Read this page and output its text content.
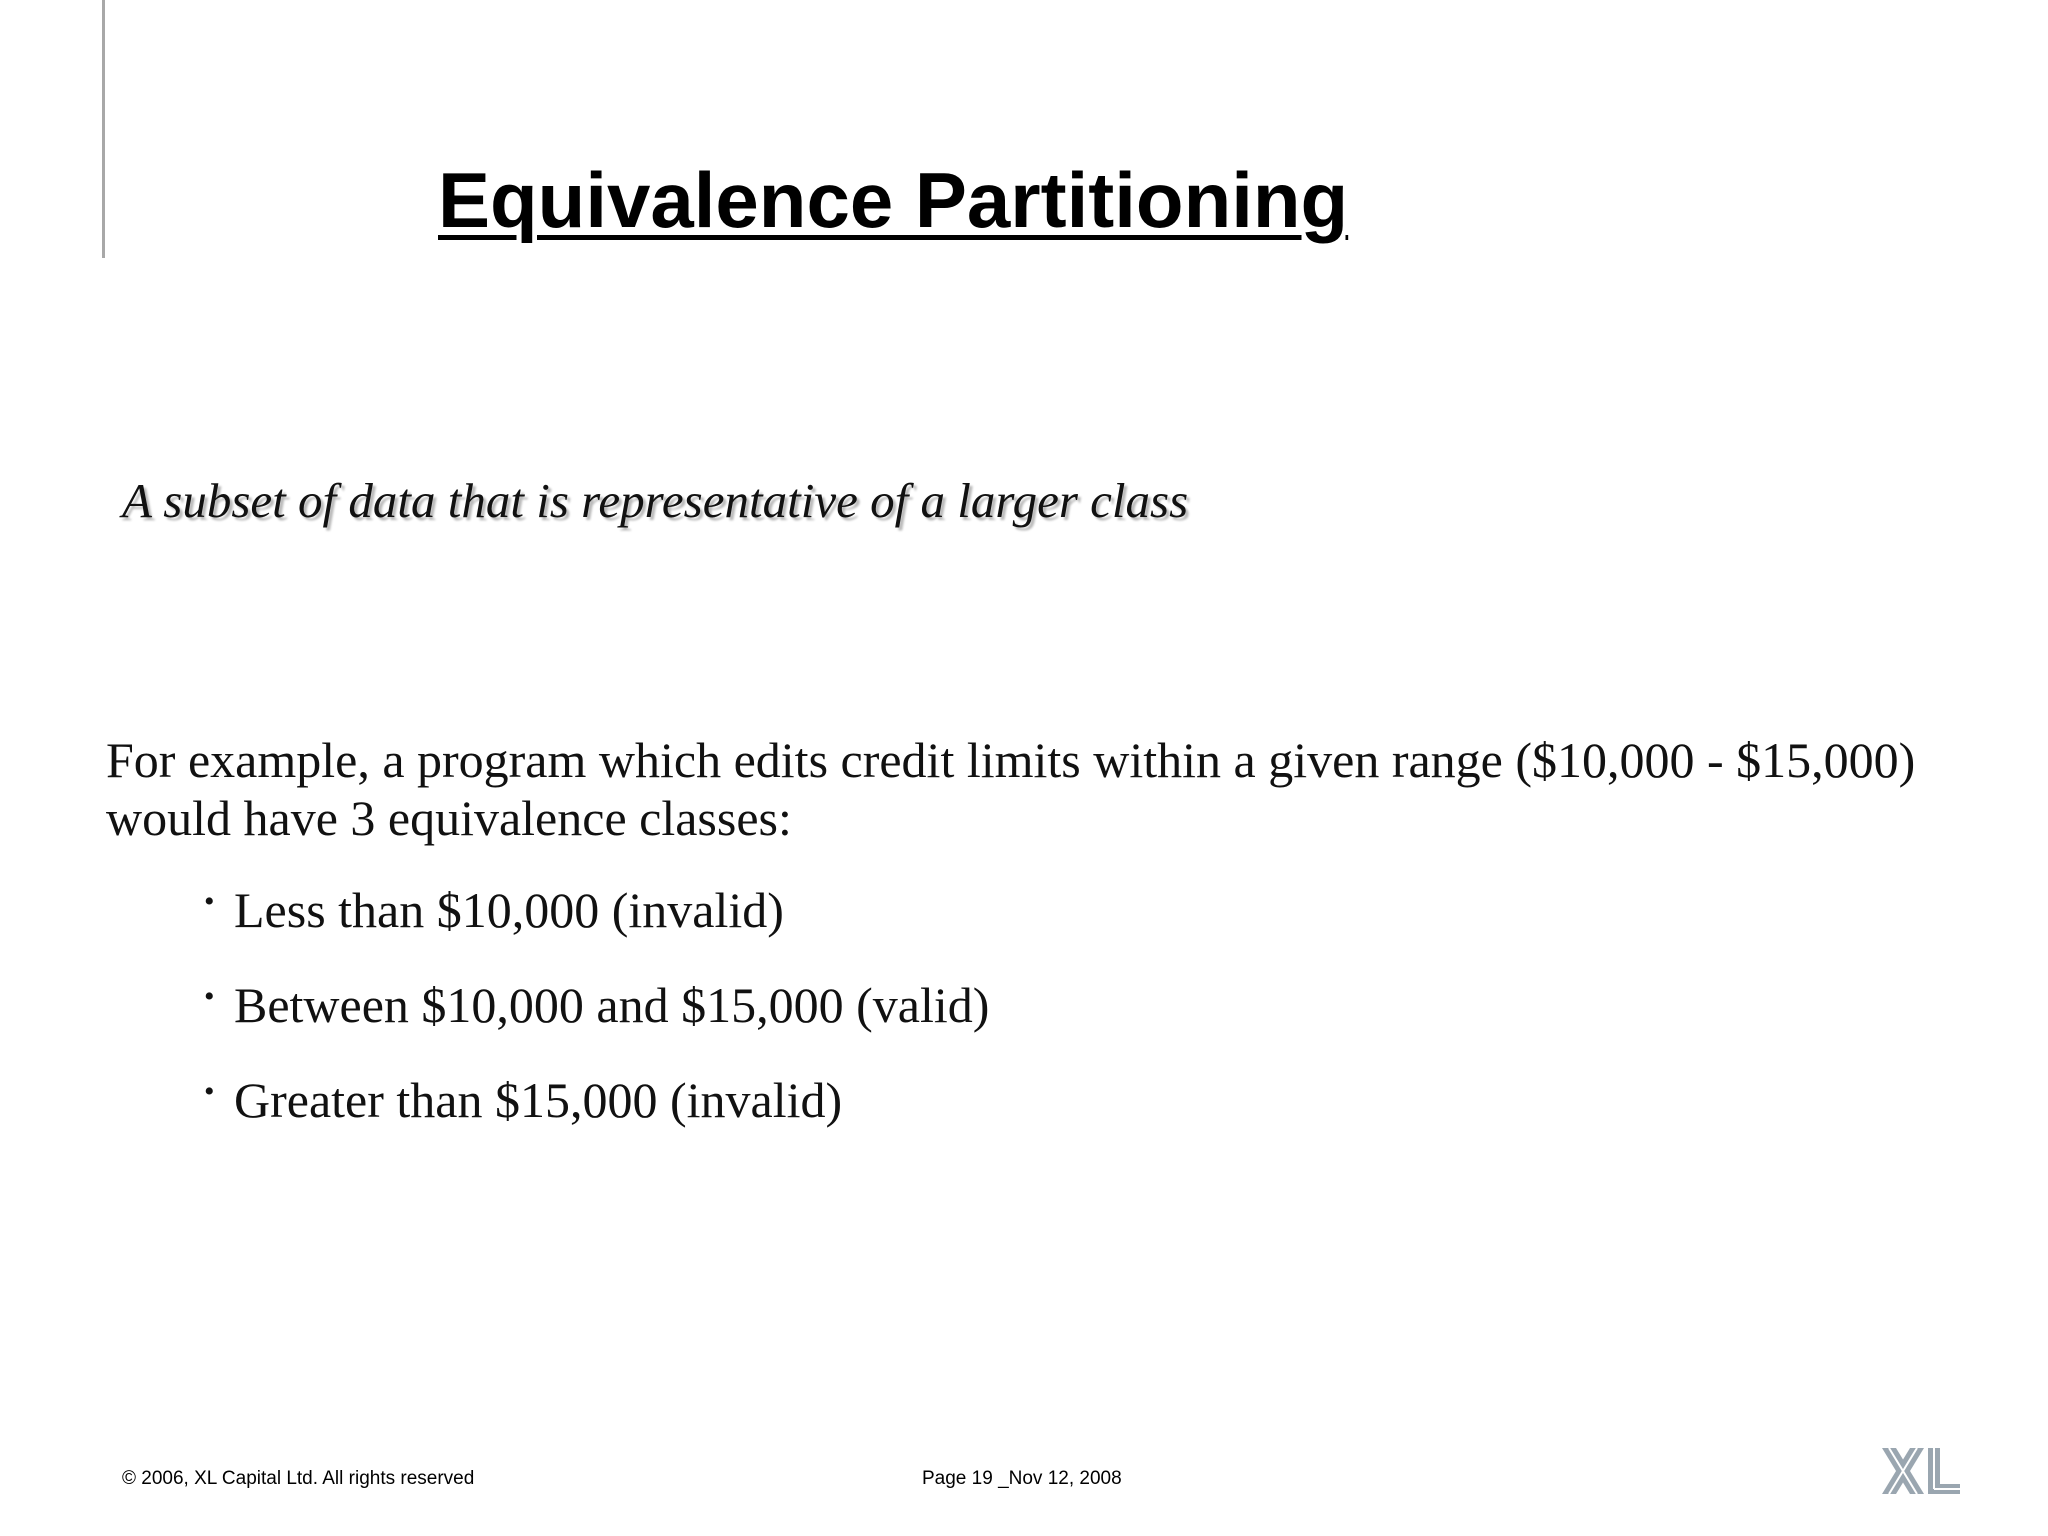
Equivalence Partitioning

A subset of data that is representative of a larger class

For example, a program which edits credit limits within a given range ($10,000 - $15,000)
would have 3 equivalence classes:
• Less than $10,000 (invalid)
• Between $10,000 and $15,000 (valid)
• Greater than $15,000 (invalid)
© 2006, XL Capital Ltd. All rights reserved	Page 19 _Nov 12, 2008
